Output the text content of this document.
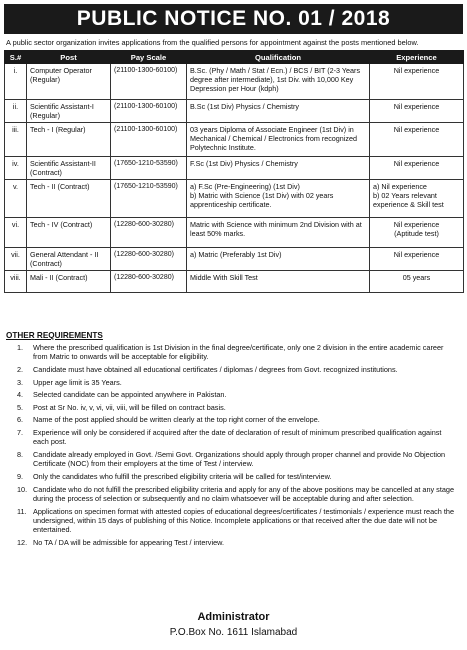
PUBLIC NOTICE NO. 01 / 2018
A public sector organization invites applications from the qualified persons for appointment against the posts mentioned below.
S.#	Post	Pay Scale	Qualification	Experience
i.	Computer Operator (Regular)	(21100-1300-60100)	B.Sc. (Phy / Math / Stat / Ecn.) / BCS / BIT (2-3 Years degree after intermediate), 1st Div. with 10,000 Key Depression per Hour (kdph)	Nil experience

ii.	Scientific Assistant-I (Regular)	(21100-1300-60100)	B.Sc (1st Div) Physics / Chemistry	Nil experience

iii.	Tech - I (Regular)	(21100-1300-60100)	03 years Diploma of Associate Engineer (1st Div) in Mechanical / Chemical / Electronics from recognized Polytechnic Institute.	Nil experience

iv.	Scientific Assistant-II (Contract)	(17650-1210-53590)	F.Sc (1st Div) Physics / Chemistry	Nil experience

v.	Tech - II (Contract)	(17650-1210-53590)	a) F.Sc (Pre-Engineering) (1st Div)
b) Matric with Science (1st Div) with 02 years apprenticeship certificate.	a) Nil experience
b) 02 Years relevant experience & Skill test

vi.	Tech - IV (Contract)	(12280-600-30280)	Matric with Science with minimum 2nd Division with at least 50% marks.	Nil experience
(Aptitude test)

vii.	General Attendant - II (Contract)	(12280-600-30280)	a) Matric (Preferably 1st Div)	Nil experience

viii.	Mali - II (Contract)	(12280-600-30280)	Middle With Skill Test	05 years
OTHER REQUIREMENTS
1. Where the prescribed qualification is 1st Division in the final degree/certificate, only one 2 division in the entire academic career from Matric to onwards will be acceptable for eligibility.
2. Candidate must have obtained all educational certificates / diplomas / degrees from Govt. recognized institutions.
3. Upper age limit is 35 Years.
4. Selected candidate can be appointed anywhere in Pakistan.
5. Post at Sr No. iv, v, vi, vii, viii, will be filled on contract basis.
6. Name of the post applied should be written clearly at the top right corner of the envelope.
7. Experience will only be considered if acquired after the date of declaration of result of minimum prescribed qualification against each post.
8. Candidate already employed in Govt. /Semi Govt. Organizations should apply through proper channel and provide No Objection Certificate (NOC) from their employers at the time of Test / interview.
9. Only the candidates who fulfill the prescribed eligibility criteria will be called for test/interview.
10. Candidate who do not fulfill the prescribed eligibility criteria and apply for any of the above positions may be cancelled at any stage during the process of selection or subsequently and no claim whatsoever will be acceptable during and after selection.
11. Applications on specimen format with attested copies of educational degrees/certificates / testimonials / experience must reach the undersigned, within 15 days of publishing of this Notice. Incomplete applications or that received after the due date will not be entertained.
12. No TA / DA will be admissible for appearing Test / interview.
Administrator
P.O.Box No. 1611 Islamabad
